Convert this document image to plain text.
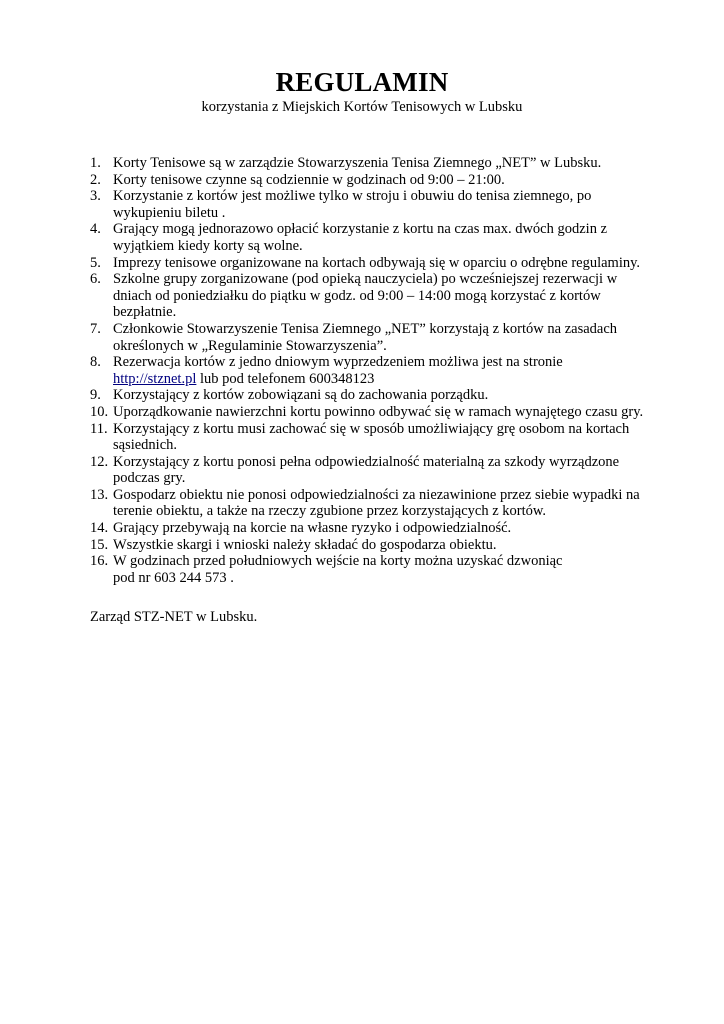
REGULAMIN
korzystania z Miejskich Kortów Tenisowych w Lubsku
1. Korty Tenisowe są w zarządzie Stowarzyszenia Tenisa Ziemnego „NET” w Lubsku.
2. Korty tenisowe czynne są codziennie w godzinach od 9:00 – 21:00.
3. Korzystanie z kortów jest możliwe tylko w stroju i obuwiu do tenisa ziemnego, po
wykupieniu biletu .
4. Grający mogą jednorazowo opłacić korzystanie z kortu na czas max. dwóch godzin z
wyjątkiem kiedy korty są wolne.
5. Imprezy tenisowe organizowane na kortach odbywają się w oparciu o odrębne regulaminy.
6. Szkolne grupy zorganizowane (pod opieką nauczyciela) po wcześniejszej rezerwacji w
dniach od poniedziałku do piątku w godz. od 9:00 – 14:00 mogą korzystać z kortów
bezpłatnie.
7. Członkowie Stowarzyszenie Tenisa Ziemnego „NET” korzystają z kortów na zasadach
określonych w „Regulaminie Stowarzyszenia”.
8. Rezerwacja kortów z jedno dniowym wyprzedzeniem możliwa jest na stronie
http://stznet.pl lub pod telefonem 600348123
9. Korzystający z kortów zobowiązani są do zachowania porządku.
10. Uporządkowanie nawierzchni kortu powinno odbywać się w ramach wynajętego czasu gry.
11. Korzystający z kortu musi zachować się w sposób umożliwiający grę osobom na kortach
sąsiednich.
12. Korzystający z kortu ponosi pełna odpowiedzialność materialną za szkody wyrządzone
podczas gry.
13. Gospodarz obiektu nie ponosi odpowiedzialności za niezawinione przez siebie wypadki na
terenie obiektu, a także na rzeczy zgubione przez korzystających z kortów.
14. Grający przebywają na korcie na własne ryzyko i odpowiedzialność.
15. Wszystkie skargi i wnioski należy składać do gospodarza obiektu.
16. W godzinach przed południowych wejście na korty można uzyskać dzwoniąc
pod nr 603 244 573 .
Zarząd STZ-NET w Lubsku.
